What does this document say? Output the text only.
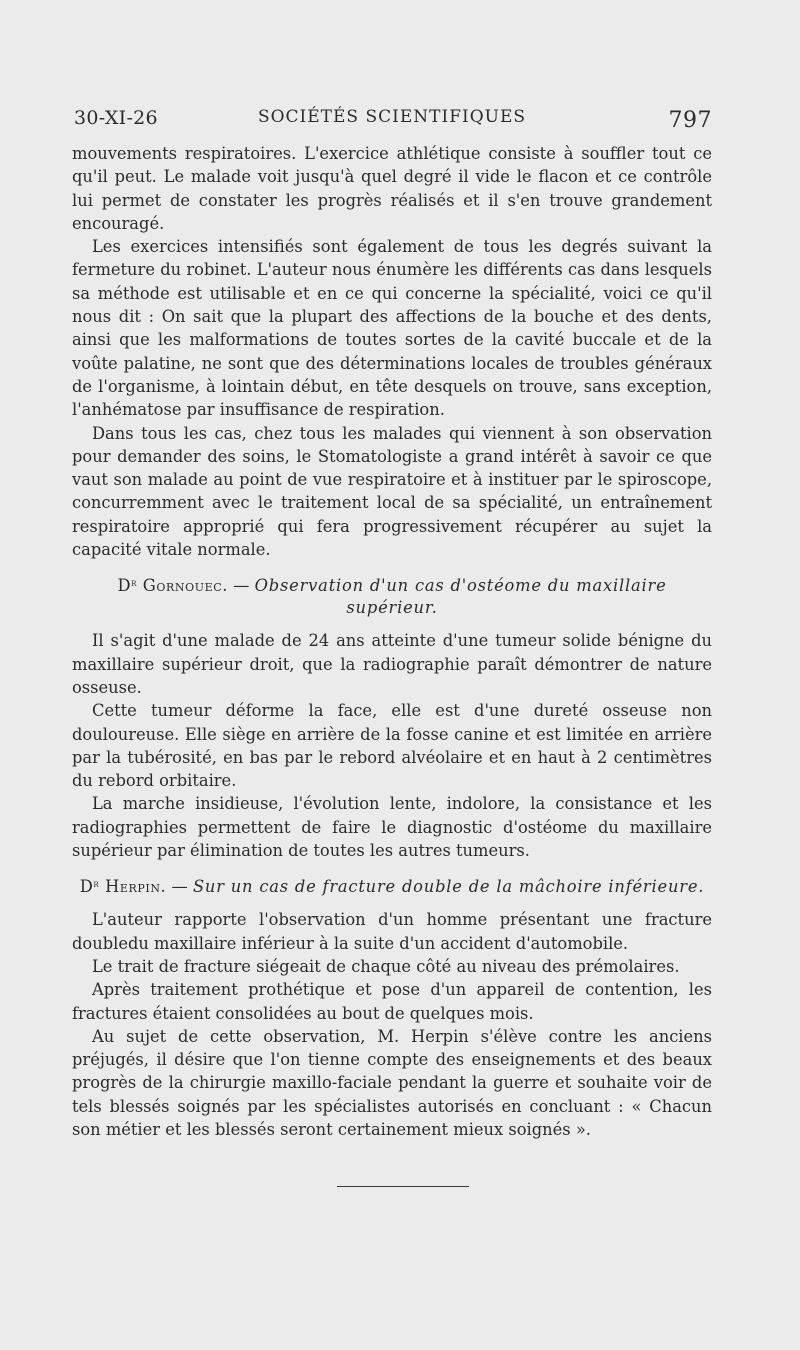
30-XI-26	SOCIÉTÉS SCIENTIFIQUES	797

mouvements respiratoires. L'exercice athlétique consiste à souffler tout ce qu'il peut. Le malade voit jusqu'à quel degré il vide le flacon et ce contrôle lui permet de constater les progrès réalisés et il s'en trouve grandement encouragé.

Les exercices intensifiés sont également de tous les degrés suivant la fermeture du robinet. L'auteur nous énumère les différents cas dans lesquels sa méthode est utilisable et en ce qui concerne la spécialité, voici ce qu'il nous dit : On sait que la plupart des affections de la bouche et des dents, ainsi que les malformations de toutes sortes de la cavité buccale et de la voûte palatine, ne sont que des déterminations locales de troubles généraux de l'organisme, à lointain début, en tête desquels on trouve, sans exception, l'anhématose par insuffisance de respiration.

Dans tous les cas, chez tous les malades qui viennent à son observation pour demander des soins, le Stomatologiste a grand intérêt à savoir ce que vaut son malade au point de vue respiratoire et à instituer par le spiroscope, concurremment avec le traitement local de sa spécialité, un entraînement respiratoire approprié qui fera progressivement récupérer au sujet la capacité vitale normale.

$D^r$ Gornouec. — Observation d'un cas d'ostéome du maxillaire supérieur.

Il s'agit d'une malade de 24 ans atteinte d'une tumeur solide bénigne du maxillaire supérieur droit, que la radiographie paraît démontrer de nature osseuse.

Cette tumeur déforme la face, elle est d'une dureté osseuse non douloureuse. Elle siège en arrière de la fosse canine et est limitée en arrière par la tubérosité, en bas par le rebord alvéolaire et en haut à 2 centimètres du rebord orbitaire.

La marche insidieuse, l'évolution lente, indolore, la consistance et les radiographies permettent de faire le diagnostic d'ostéome du maxillaire supérieur par élimination de toutes les autres tumeurs.

$D^r$ Herpin. — Sur un cas de fracture double de la mâchoire inférieure.

L'auteur rapporte l'observation d'un homme présentant une fracture doubledu maxillaire inférieur à la suite d'un accident d'automobile.

Le trait de fracture siégeait de chaque côté au niveau des prémolaires.

Après traitement prothétique et pose d'un appareil de contention, les fractures étaient consolidées au bout de quelques mois.

Au sujet de cette observation, M. Herpin s'élève contre les anciens préjugés, il désire que l'on tienne compte des enseignements et des beaux progrès de la chirurgie maxillo-faciale pendant la guerre et souhaite voir de tels blessés soignés par les spécialistes autorisés en concluant : « Chacun son métier et les blessés seront certainement mieux soignés ».
